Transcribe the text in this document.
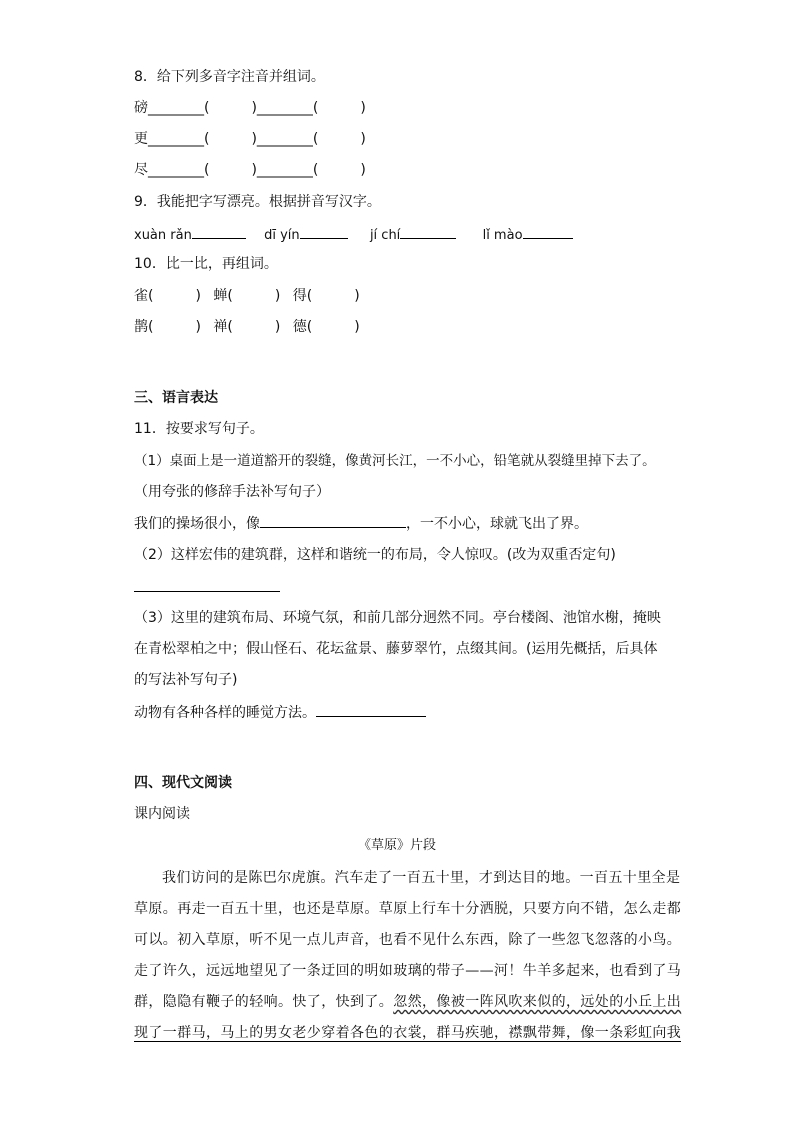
8．给下列多音字注音并组词。
磅________(　　　)________(　　　)
更________(　　　)________(　　　)
尽________(　　　)________(　　　)
9．我能把字写漂亮。根据拼音写汉字。
xuàn rǎn	dī yín	jí chí	lǐ mào
10．比一比，再组词。
雀(　　　) 蝉(　　　) 得(　　　)
鹊(　　　) 禅(　　　) 德(　　　)
三、语言表达
11．按要求写句子。
（1）桌面上是一道道豁开的裂缝，像黄河长江，一不小心，铅笔就从裂缝里掉下去了。
（用夸张的修辞手法补写句子）
我们的操场很小，像	，一不小心，球就飞出了界。
（2）这样宏伟的建筑群，这样和谐统一的布局，令人惊叹。(改为双重否定句)
（3）这里的建筑布局、环境气氛，和前几部分迥然不同。亭台楼阁、池馆水榭，掩映
在青松翠柏之中；假山怪石、花坛盆景、藤萝翠竹，点缀其间。(运用先概括，后具体
的写法补写句子)
动物有各种各样的睡觉方法。
四、现代文阅读
课内阅读
《草原》片段
我们访问的是陈巴尔虎旗。汽车走了一百五十里，才到达目的地。一百五十里全是
草原。再走一百五十里，也还是草原。草原上行车十分洒脱，只要方向不错，怎么走都
可以。初入草原，听不见一点儿声音，也看不见什么东西，除了一些忽飞忽落的小鸟。
走了许久，远远地望见了一条迂回的明如玻璃的带子——河！牛羊多起来，也看到了马
群，隐隐有鞭子的轻响。快了，快到了。忽然，像被一阵风吹来似的，远处的小丘上出
现了一群马，马上的男女老少穿着各色的衣裳，群马疾驰，襟飘带舞，像一条彩虹向我
